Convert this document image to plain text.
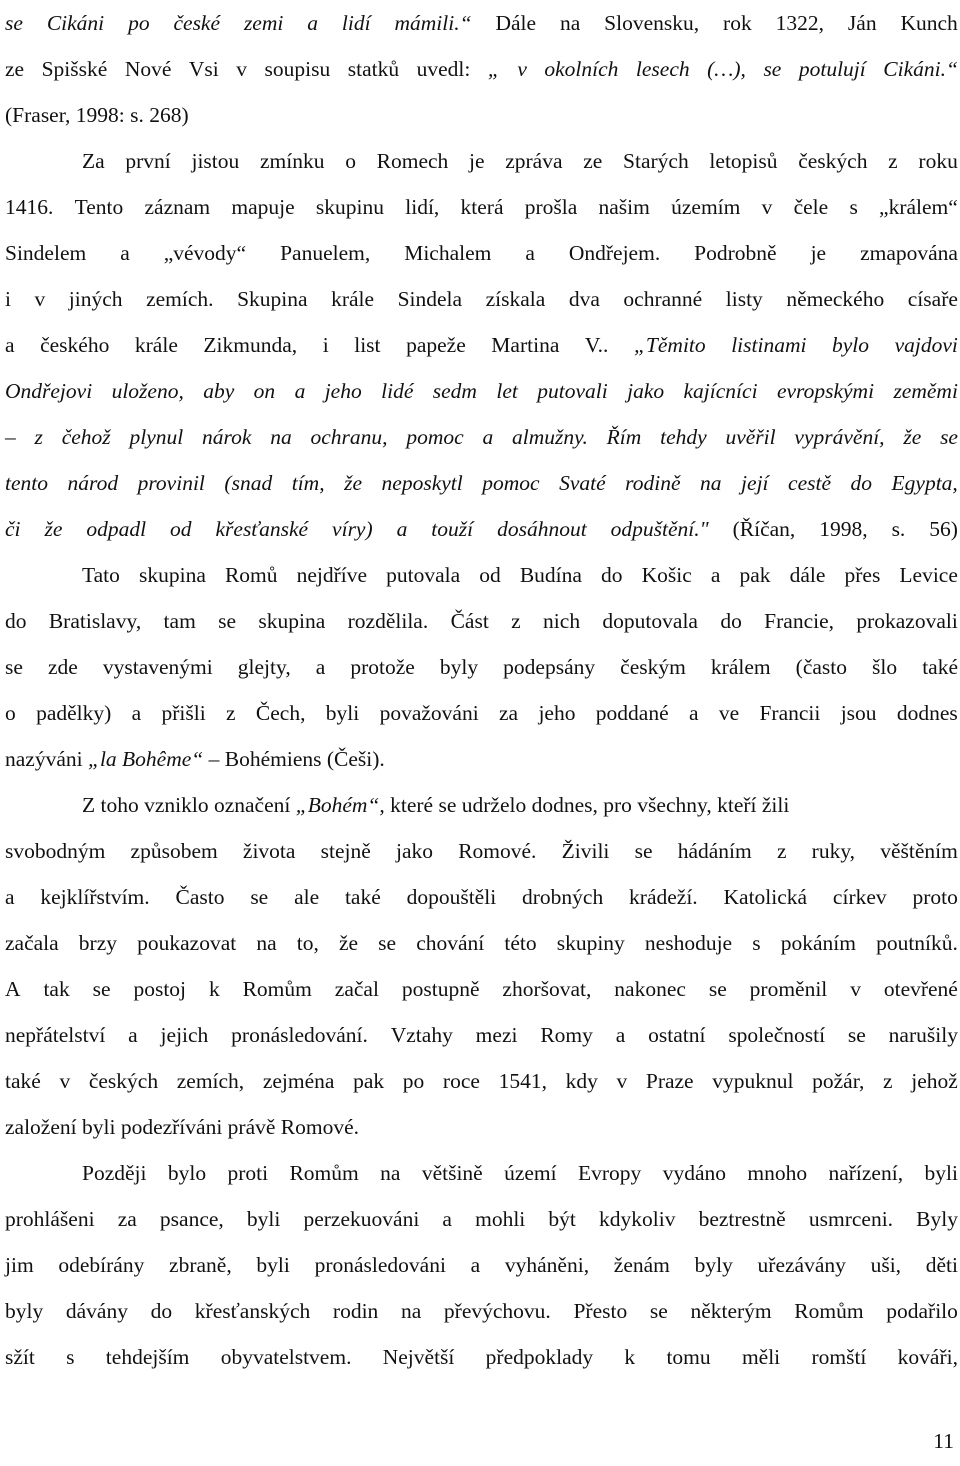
se Cikáni po české zemi a lidí mámili.“ Dále na Slovensku, rok 1322, Ján Kunch
ze Spišské Nové Vsi v soupisu statků uvedl: „ v okolních lesech (…), se potulují Cikáni.“
(Fraser, 1998: s. 268)
Za první jistou zmínku o Romech je zpráva ze Starých letopisů českých z roku
1416. Tento záznam mapuje skupinu lidí, která prošla našim územím v čele s „králem“
Sindelem a „vévody“ Panuelem, Michalem a Ondřejem. Podrobně je zmapována
i v jiných zemích. Skupina krále Sindela získala dva ochranné listy německého císaře
a českého krále Zikmunda, i list papeže Martina V.. „Těmito listinami bylo vajdovi
Ondřejovi uloženo, aby on a jeho lidé sedm let putovali jako kajícníci evropskými zeměmi
– z čehož plynul nárok na ochranu, pomoc a almužny. Řím tehdy uvěřil vyprávění, že se
tento národ provinil (snad tím, že neposkytl pomoc Svaté rodině na její cestě do Egypta,
či že odpadl od křesťanské víry) a touží dosáhnout odpuštění." (Říčan, 1998, s. 56)
Tato skupina Romů nejdříve putovala od Budína do Košic a pak dále přes Levice
do Bratislavy, tam se skupina rozdělila. Část z nich doputovala do Francie, prokazovali
se zde vystavenými glejty, a protože byly podepsány českým králem (často šlo také
o padělky) a přišli z Čech, byli považováni za jeho poddané a ve Francii jsou dodnes
nazýváni „la Bohême“ – Bohémiens (Češi).
Z toho vzniklo označení „Bohém“, které se udrželo dodnes, pro všechny, kteří žili
svobodným způsobem života stejně jako Romové. Živili se hádáním z ruky, věštěním
a kejklířstvím. Často se ale také dopouštěli drobných krádeží. Katolická církev proto
začala brzy poukazovat na to, že se chování této skupiny neshoduje s pokáním poutníků.
A tak se postoj k Romům začal postupně zhoršovat, nakonec se proměnil v otevřené
nepřátelství a jejich pronásledování. Vztahy mezi Romy a ostatní společností se narušily
také v českých zemích, zejména pak po roce 1541, kdy v Praze vypuknul požár, z jehož
založení byli podezříváni právě Romové.
Později bylo proti Romům na většině území Evropy vydáno mnoho nařízení, byli
prohlášeni za psance, byli perzekuováni a mohli být kdykoliv beztrestně usmrceni. Byly
jim odebírány zbraně, byli pronásledováni a vyháněni, ženám byly uřezávány uši, děti
byly dávány do křesťanských rodin na převýchovu. Přesto se některým Romům podařilo
sžít s tehdejším obyvatelstvem. Největší předpoklady k tomu měli romští kováři,
11
